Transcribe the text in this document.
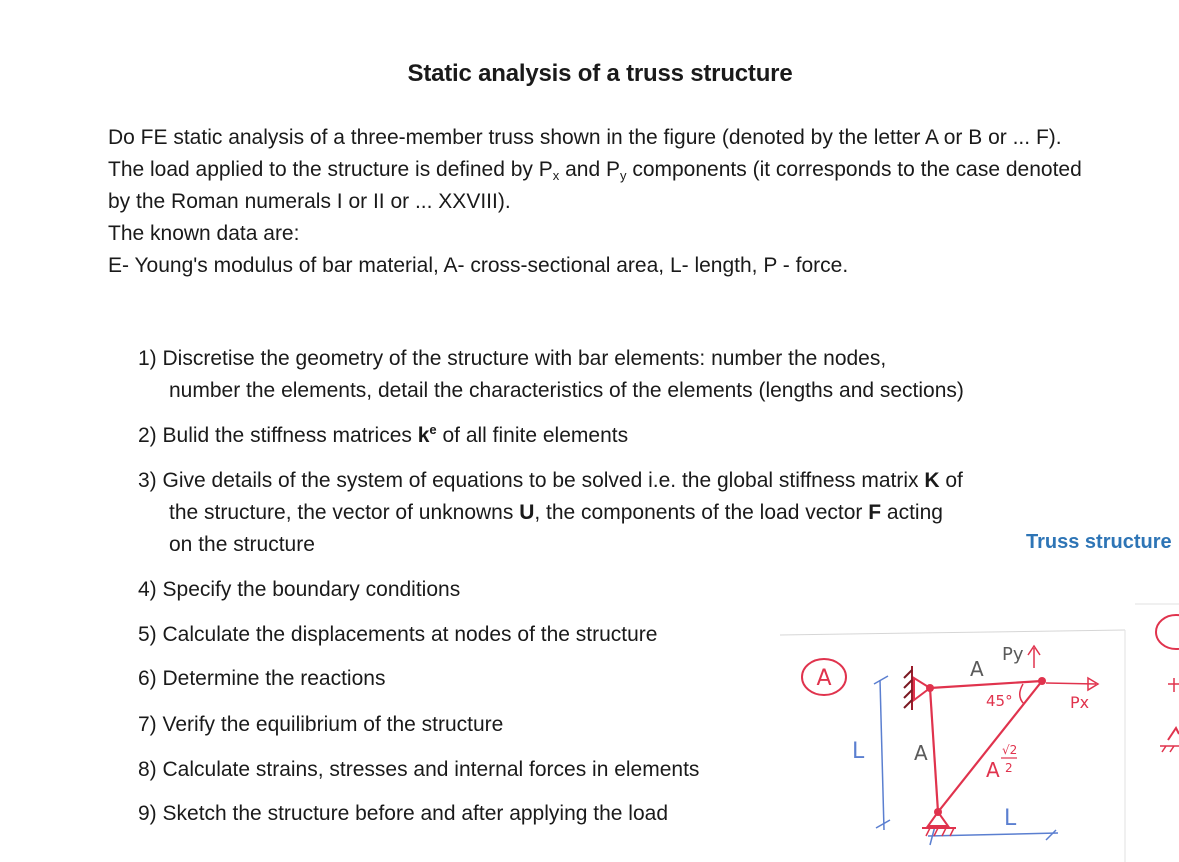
Static analysis of a truss structure

Do FE static analysis of a three-member truss shown in the figure (denoted by the letter A or B or ... F).

The load applied to the structure is defined by $P_x$ and $P_y$ components (it corresponds to the case denoted by the Roman numerals I or II or ... XXVIII).

The known data are:

E- Young's modulus of bar material, A- cross-sectional area, L- length, P - force.

1) Discretise the geometry of the structure with bar elements: number the nodes,
number the elements, detail the characteristics of the elements (lengths and sections)
2) Bulid the stiffness matrices $k^e$ of all finite elements
3) Give details of the system of equations to be solved i.e. the global stiffness matrix K of
the structure, the vector of unknowns U, the components of the load vector F acting
on the structure
4) Specify the boundary conditions
5) Calculate the displacements at nodes of the structure
6) Determine the reactions
7) Verify the equilibrium of the structure
8) Calculate strains, stresses and internal forces in elements
9) Sketch the structure before and after applying the load
Truss structure
A
L
L
45°
A
A
A
√2
2
Py
Px
